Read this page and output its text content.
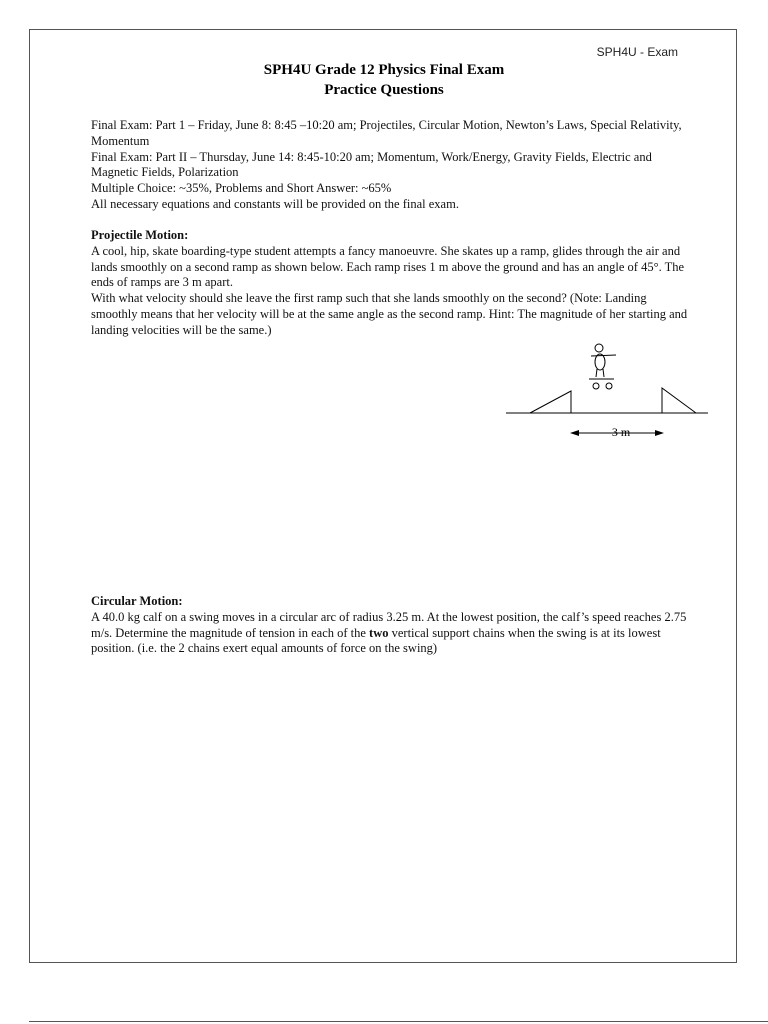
SPH4U - Exam
SPH4U Grade 12 Physics Final Exam
Practice Questions

Final Exam: Part 1 – Friday, June 8: 8:45 –10:20 am; Projectiles, Circular Motion, Newton’s Laws, Special Relativity, Momentum

Final Exam: Part II – Thursday, June 14: 8:45-10:20 am; Momentum, Work/Energy, Gravity Fields, Electric and Magnetic Fields, Polarization

Multiple Choice: ~35%, Problems and Short Answer: ~65%

All necessary equations and constants will be provided on the final exam.

Projectile Motion:

A cool, hip, skate boarding-type student attempts a fancy manoeuvre. She skates up a ramp, glides through the air and lands smoothly on a second ramp as shown below. Each ramp rises 1 m above the ground and has an angle of 45°. The ends of ramps are 3 m apart.

With what velocity should she leave the first ramp such that she lands smoothly on the second? (Note: Landing smoothly means that her velocity will be at the same angle as the second ramp. Hint: The magnitude of her starting and landing velocities will be the same.)

3 m

Circular Motion:

A 40.0 kg calf on a swing moves in a circular arc of radius 3.25 m. At the lowest position, the calf’s speed reaches 2.75 m/s. Determine the magnitude of tension in each of the two vertical support chains when the swing is at its lowest position. (i.e. the 2 chains exert equal amounts of force on the swing)
